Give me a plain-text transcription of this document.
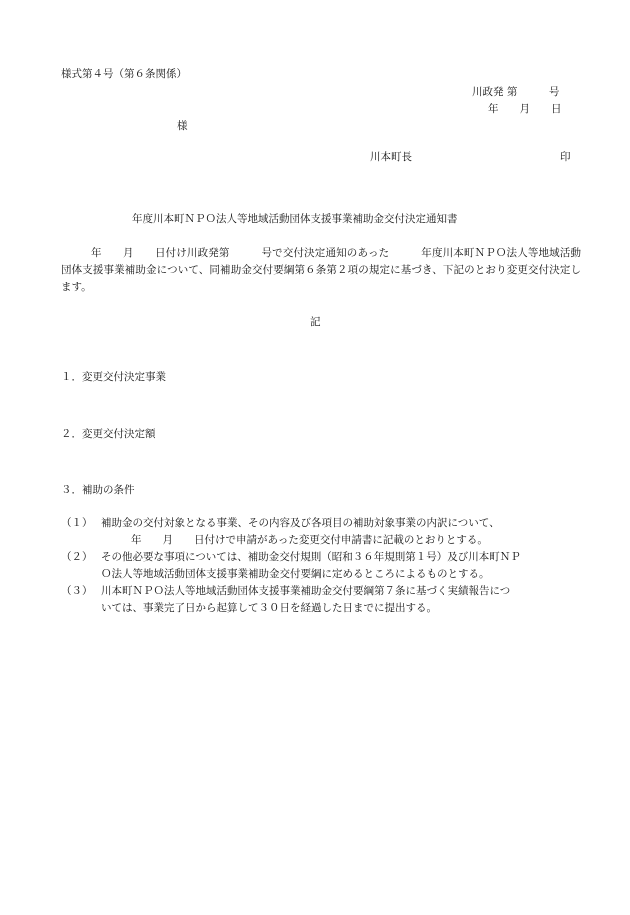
様式第４号（第６条関係）
川政発 第　　　号
年　　月　　日
様
川本町長	印
年度川本町ＮＰＯ法人等地域活動団体支援事業補助金交付決定通知書
年　　月　　日付け川政発第　　　号で交付決定通知のあった　　　年度川本町ＮＰＯ法人等地域活動団体支援事業補助金について、同補助金交付要綱第６条第２項の規定に基づき、下記のとおり変更交付決定します。
記
１．変更交付決定事業
２．変更交付決定額
３．補助の条件
（１） 補助金の交付対象となる事業、その内容及び各項目の補助対象事業の内訳について、
年　　月　　日付けで申請があった変更交付申請書に記載のとおりとする。
（２） その他必要な事項については、補助金交付規則（昭和３６年規則第１号）及び川本町ＮＰ
Ｏ法人等地域活動団体支援事業補助金交付要綱に定めるところによるものとする。
（３） 川本町ＮＰＯ法人等地域活動団体支援事業補助金交付要綱第７条に基づく実績報告につ
いては、事業完了日から起算して３０日を経過した日までに提出する。
